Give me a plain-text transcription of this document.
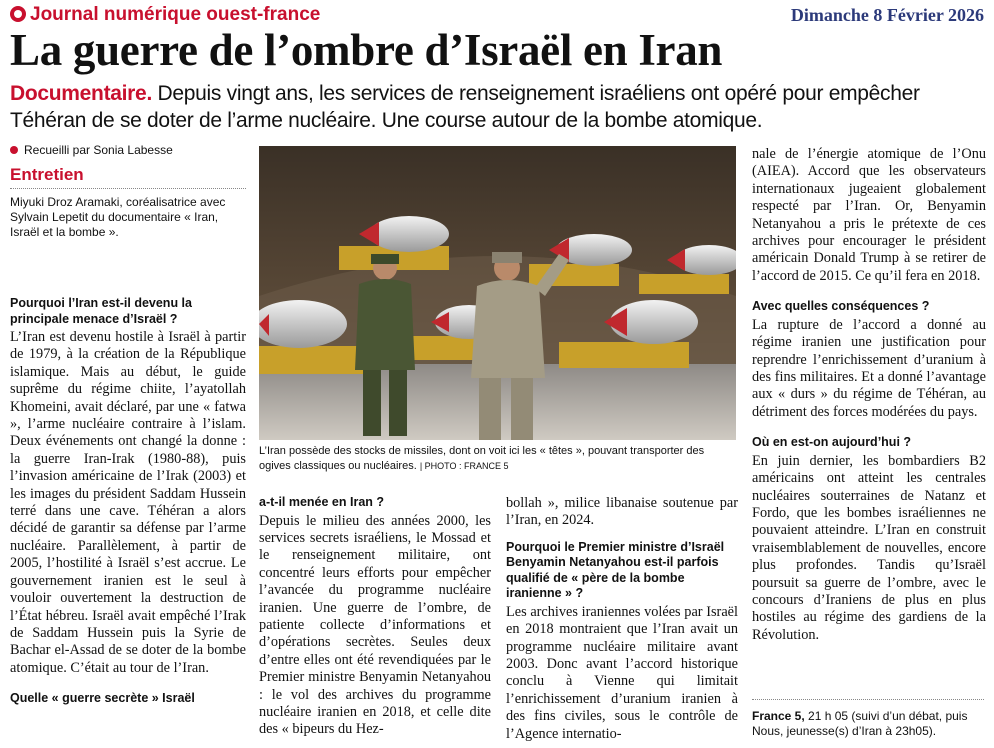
Journal numérique ouest-france	Dimanche 8 Février 2026
La guerre de l’ombre d’Israël en Iran
Documentaire. Depuis vingt ans, les services de renseignement israéliens ont opéré pour empêcher Téhéran de se doter de l’arme nucléaire. Une course autour de la bombe atomique.
Recueilli par Sonia Labesse
Entretien
Miyuki Droz Aramaki, coréalisatrice avec Sylvain Lepetit du documentaire « Iran, Israël et la bombe ».
Pourquoi l’Iran est-il devenu la principale menace d’Israël ?
L’Iran est devenu hostile à Israël à partir de 1979, à la création de la République islamique. Mais au début, le guide suprême du régime chiite, l’ayatollah Khomeini, avait déclaré, par une « fatwa », l’arme nucléaire contraire à l’islam. Deux événements ont changé la donne : la guerre Iran-Irak (1980-88), puis l’invasion américaine de l’Irak (2003) et les images du président Saddam Hussein terré dans une cave. Téhéran a alors décidé de garantir sa défense par l’arme nucléaire. Parallèlement, à partir de 2005, l’hostilité à Israël s’est accrue. Le gouvernement iranien est le seul à vouloir ouvertement la destruction de l’État hébreu. Israël avait empêché l’Irak de Saddam Hussein puis la Syrie de Bachar el-Assad de se doter de la bombe atomique. C’était au tour de l’Iran.
Quelle « guerre secrète » Israël
L’Iran possède des stocks de missiles, dont on voit ici les « têtes », pouvant transporter des ogives classiques ou nucléaires. | PHOTO : FRANCE 5
a-t-il menée en Iran ?
Depuis le milieu des années 2000, les services secrets israéliens, le Mossad et le renseignement militaire, ont concentré leurs efforts pour empêcher l’avancée du programme nucléaire iranien. Une guerre de l’ombre, de patiente collecte d’informations et d’opérations secrètes. Seules deux d’entre elles ont été revendiquées par le Premier ministre Benyamin Netanyahou : le vol des archives du programme nucléaire iranien en 2018, et celle dite des « bipeurs du Hez-
bollah », milice libanaise soutenue par l’Iran, en 2024.
Pourquoi le Premier ministre d’Israël Benyamin Netanyahou est-il parfois qualifié de « père de la bombe iranienne » ?
Les archives iraniennes volées par Israël en 2018 montraient que l’Iran avait un programme nucléaire militaire avant 2003. Donc avant l’accord historique conclu à Vienne qui limitait l’enrichissement d’uranium iranien à des fins civiles, sous le contrôle de l’Agence internatio-
nale de l’énergie atomique de l’Onu (AIEA). Accord que les observateurs internationaux jugeaient globalement respecté par l’Iran. Or, Benyamin Netanyahou a pris le prétexte de ces archives pour encourager le président américain Donald Trump à se retirer de l’accord de 2015. Ce qu’il fera en 2018.
Avec quelles conséquences ?
La rupture de l’accord a donné au régime iranien une justification pour reprendre l’enrichissement d’uranium à des fins militaires. Et a donné l’avantage aux « durs » du régime de Téhéran, au détriment des forces modérées du pays.
Où en est-on aujourd’hui ?
En juin dernier, les bombardiers B2 américains ont atteint les centrales nucléaires souterraines de Natanz et Fordo, que les bombes israéliennes ne pouvaient atteindre. L’Iran en construit vraisemblablement de nouvelles, encore plus profondes. Tandis qu’Israël poursuit sa guerre de l’ombre, avec le concours d’Iraniens de plus en plus hostiles au régime des gardiens de la Révolution.
France 5, 21 h 05 (suivi d’un débat, puis Nous, jeunesse(s) d’Iran à 23h05).
